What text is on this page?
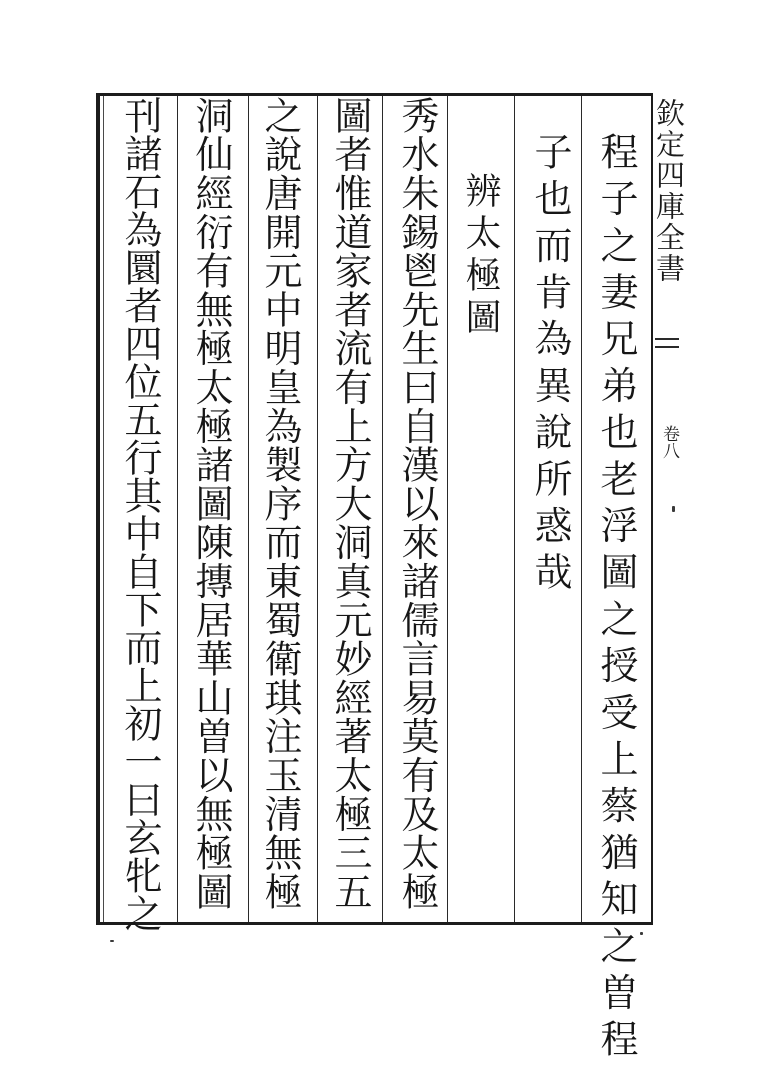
欽定四庫全書
卷八
程子之妻兄弟也老浮圖之授受上蔡猶知之曽程
子也而肯為異說所惑哉
辨太極圖
秀水朱錫鬯先生曰自漢以來諸儒言易莫有及太極
圖者惟道家者流有上方大洞真元妙經著太極三五
之說唐開元中明皇為製序而東蜀衛琪注玉清無極
洞仙經衍有無極太極諸圖陳摶居華山曽以無極圖
刊諸石為圜者四位五行其中自下而上初一曰玄牝之
